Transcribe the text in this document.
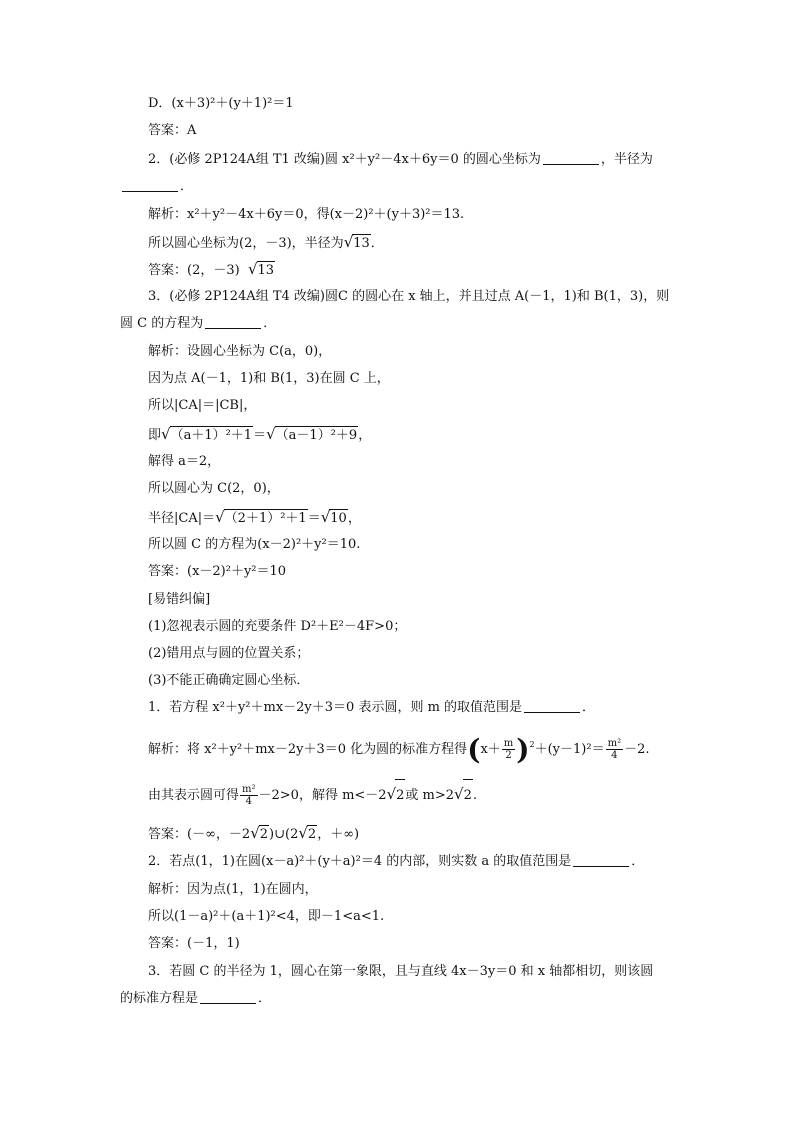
D．(x＋3)²＋(y＋1)²＝1
答案：A
2．(必修 2P124A组 T1 改编)圆 x²＋y²－4x＋6y＝0 的圆心坐标为	，半径为
．
解析：x²＋y²－4x＋6y＝0，得(x－2)²＋(y＋3)²＝13.
所以圆心坐标为(2，－3)，半径为√13．
答案：(2，－3) √13
3．(必修 2P124A组 T4 改编)圆C 的圆心在 x 轴上，并且过点 A(－1，1)和 B(1，3)，则
圆 C 的方程为	．
解析：设圆心坐标为 C(a，0)，
因为点 A(－1，1)和 B(1，3)在圆 C 上，
所以|CA|＝|CB|，
即√（a＋1）²＋1＝√（a－1）²＋9，
解得 a＝2，
所以圆心为 C(2，0)，
半径|CA|＝√（2＋1）²＋1＝√10，
所以圆 C 的方程为(x－2)²＋y²＝10.
答案：(x－2)²＋y²＝10
[易错纠偏]
(1)忽视表示圆的充要条件 D²＋E²－4F>0；
(2)错用点与圆的位置关系；
(3)不能正确确定圆心坐标．
1．若方程 x²＋y²＋mx－2y＋3＝0 表示圆，则 m 的取值范围是	．
解析：将 x²＋y²＋mx－2y＋3＝0 化为圆的标准方程得$(x+ \frac{m}{2} )^2+(y-1)^2= \frac{\text{m²}}{4} -2$.
由其表示圆可得 $\frac{\text{m²}}{4} -2>0$，解得 m<－2√2或 m>2√2.
答案：(－∞，－2√2)∪(2√2，＋∞)
2．若点(1，1)在圆(x－a)²＋(y＋a)²＝4 的内部，则实数 a 的取值范围是	．
解析：因为点(1，1)在圆内，
所以(1－a)²＋(a＋1)²<4，即－1<a<1.
答案：(－1，1)
3．若圆 C 的半径为 1，圆心在第一象限，且与直线 4x－3y＝0 和 x 轴都相切，则该圆
的标准方程是	．
